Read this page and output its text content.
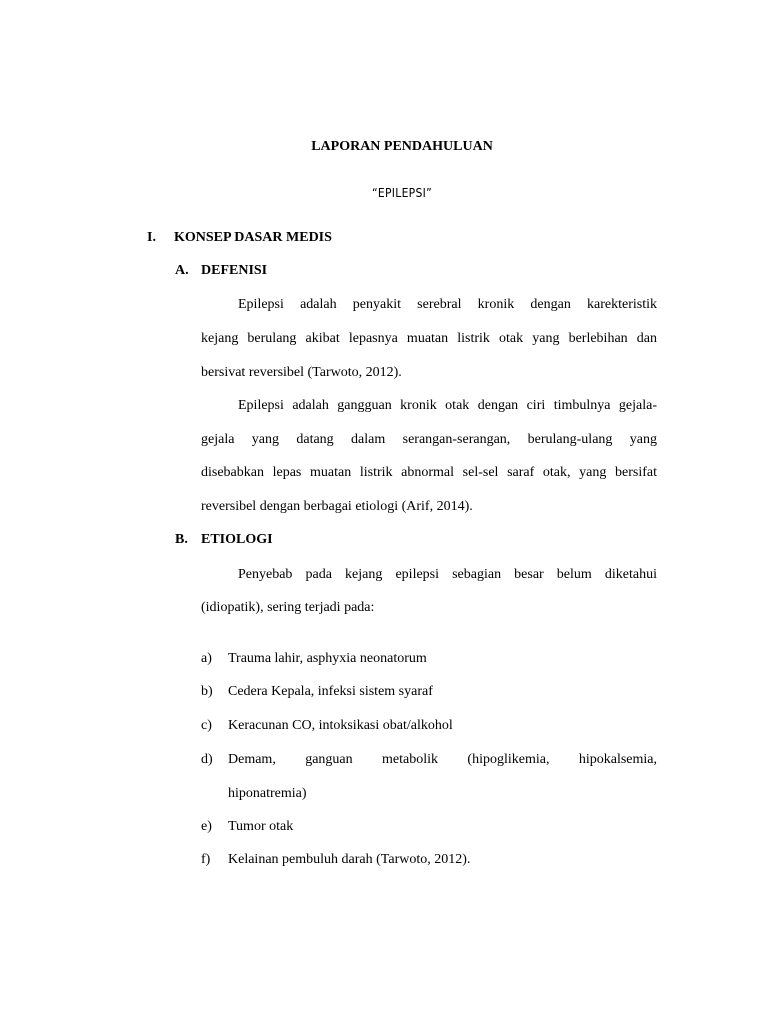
LAPORAN PENDAHULUAN
“EPILEPSI”
I. KONSEP DASAR MEDIS
A. DEFENISI
Epilepsi adalah penyakit serebral kronik dengan karekteristik
kejang berulang akibat lepasnya muatan listrik otak yang berlebihan dan
bersivat reversibel (Tarwoto, 2012).
Epilepsi adalah gangguan kronik otak dengan ciri timbulnya gejala-
gejala yang datang dalam serangan-serangan, berulang-ulang yang
disebabkan lepas muatan listrik abnormal sel-sel saraf otak, yang bersifat
reversibel dengan berbagai etiologi (Arif, 2014).
B. ETIOLOGI
Penyebab pada kejang epilepsi sebagian besar belum diketahui
(idiopatik), sering terjadi pada:
a) Trauma lahir, asphyxia neonatorum
b) Cedera Kepala, infeksi sistem syaraf
c) Keracunan CO, intoksikasi obat/alkohol
d) Demam, ganguan metabolik (hipoglikemia, hipokalsemia,
hiponatremia)
e) Tumor otak
f) Kelainan pembuluh darah (Tarwoto, 2012).
